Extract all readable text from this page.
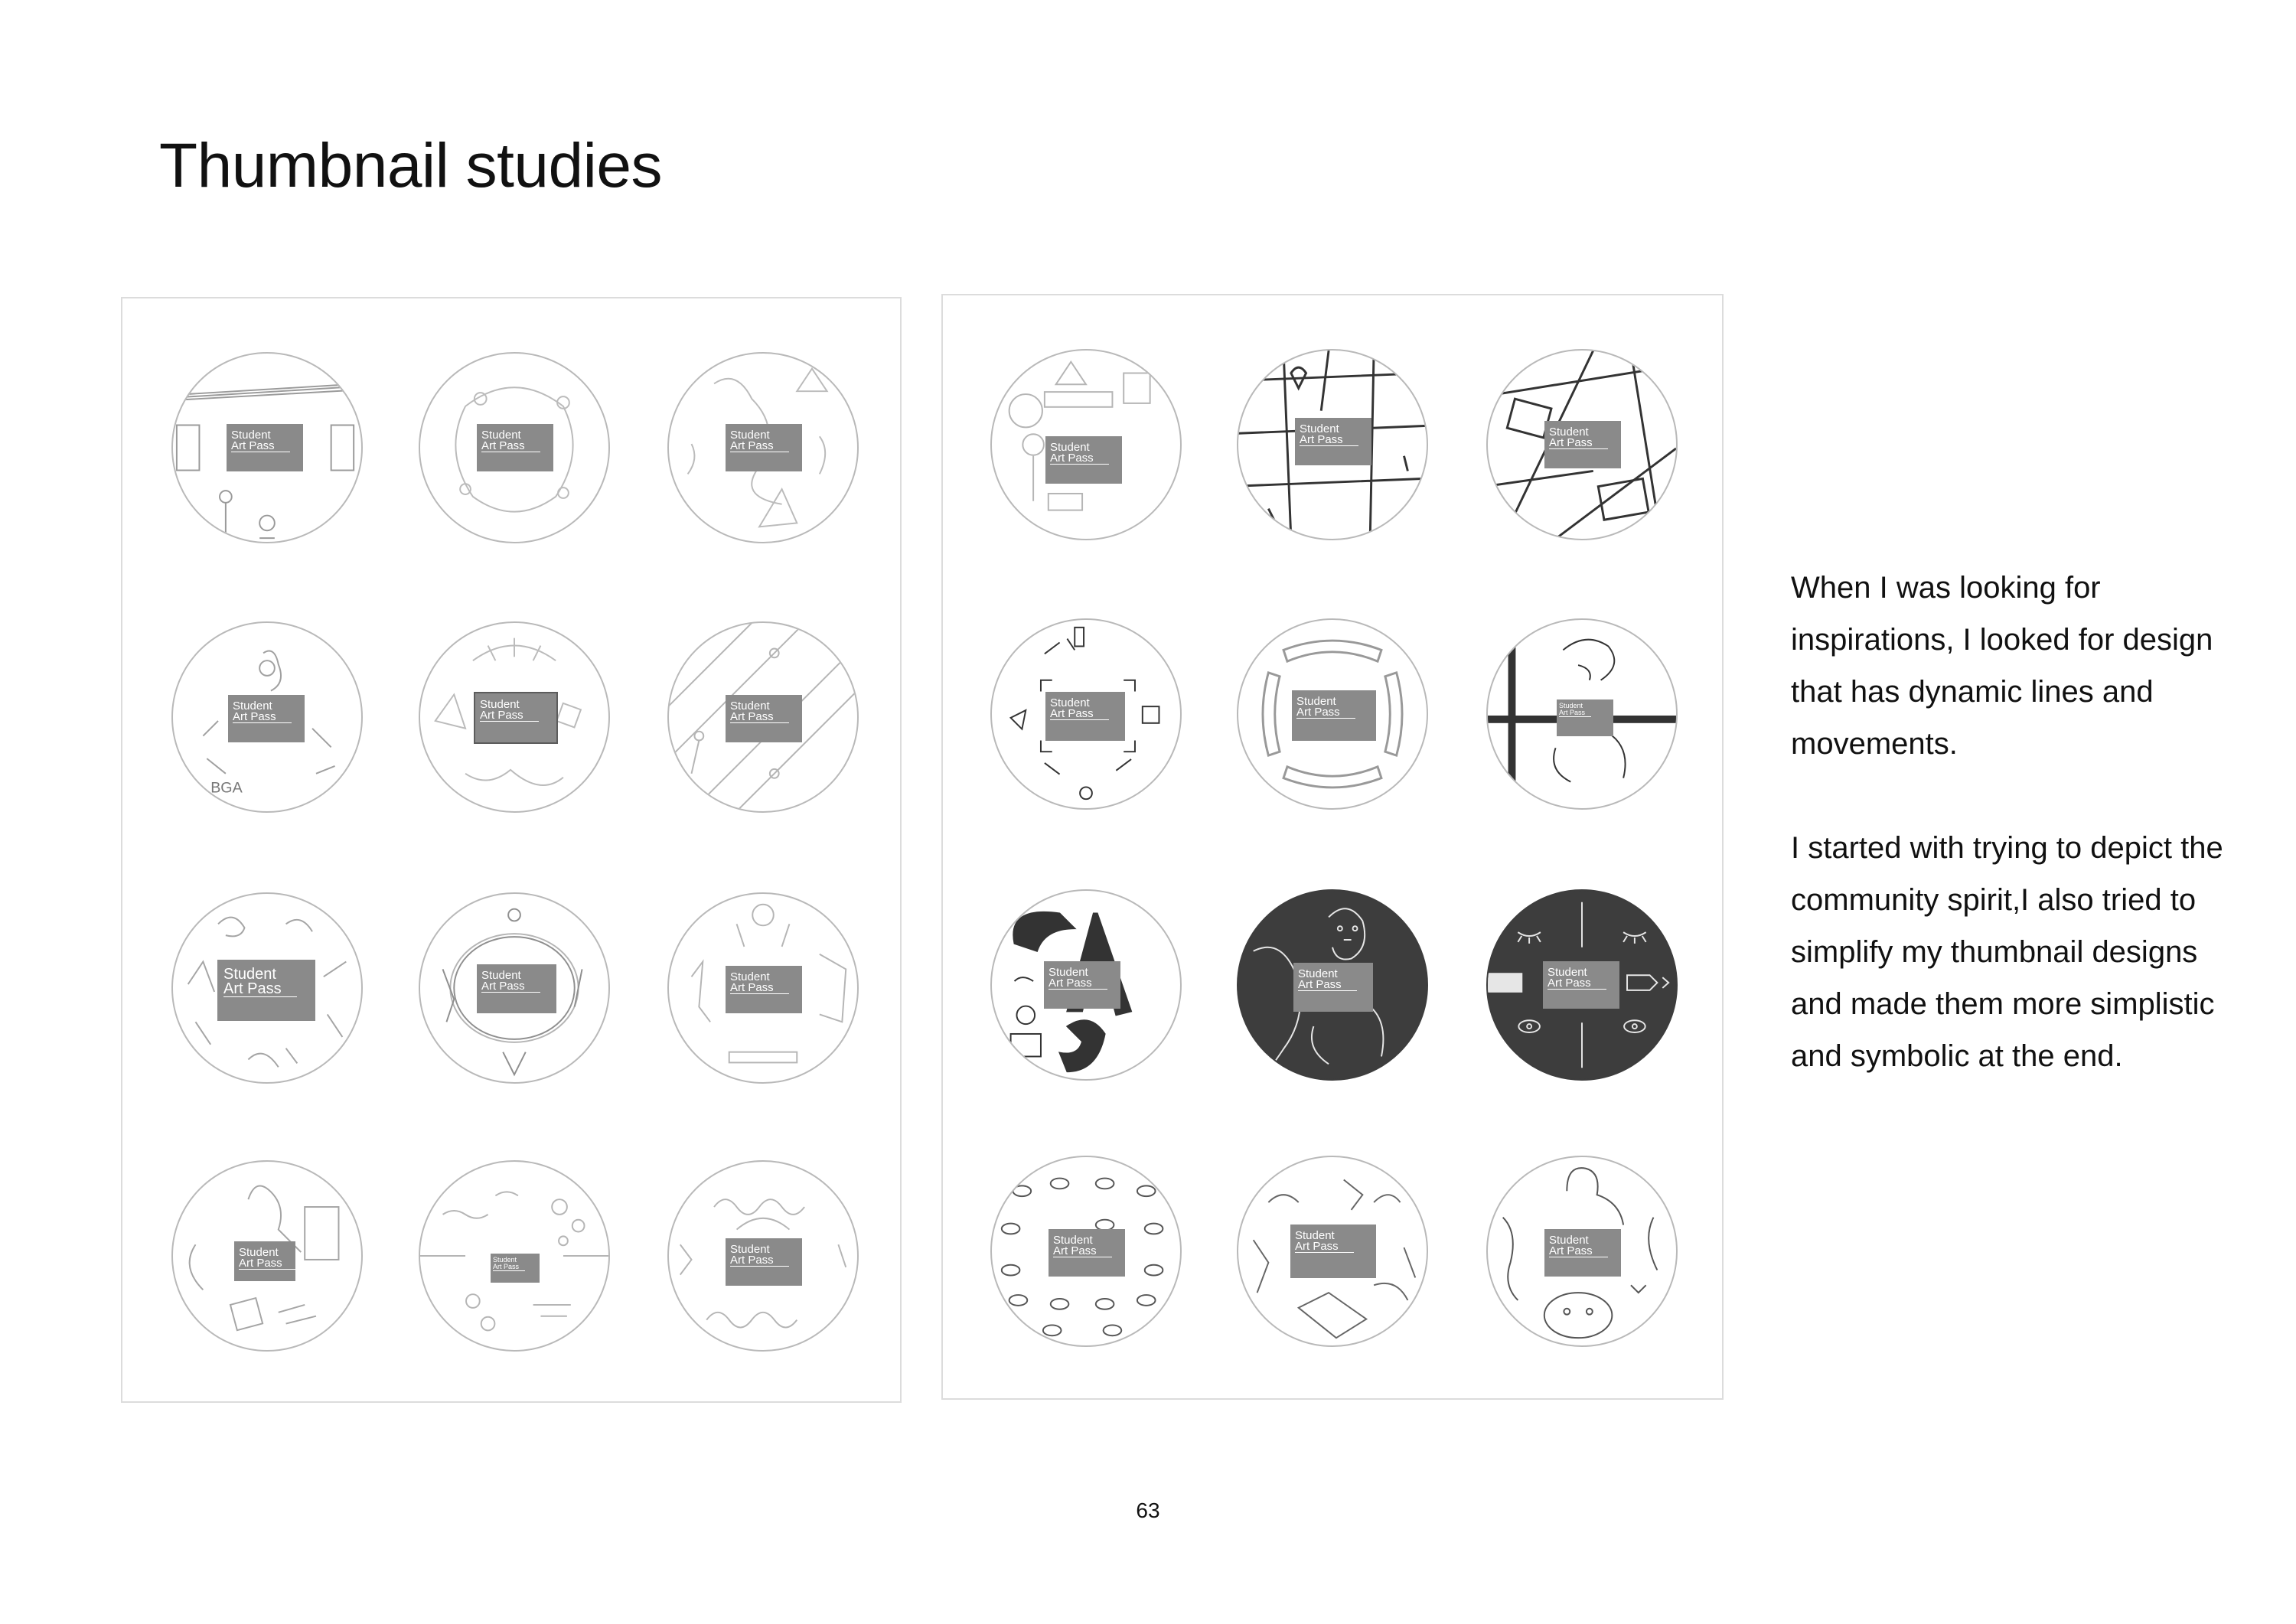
Thumbnail studies
Student
Art Pass
Student
Art Pass
Student
Art Pass
BGA
Student
Art Pass
Student
Art Pass
Student
Art Pass
Student
Art Pass
Student
Art Pass
Student
Art Pass
Student
Art Pass	Student
Art Pass
Student
Art Pass
Student
Art Pass
Student
Art Pass
Student
Art Pass
Student
Art Pass
Student
Art Pass	Student
Art Pass
Student
Art Pass
Student
Art Pass
Student
Art Pass
Student
Art Pass
Student
Art Pass	Student
Art Pass

When I was looking for inspirations, I looked for design that has dynamic lines and movements.

I started with trying to depict the community spirit,I also tried to simplify my thumbnail designs and made them more simplistic and symbolic at the end.

63
